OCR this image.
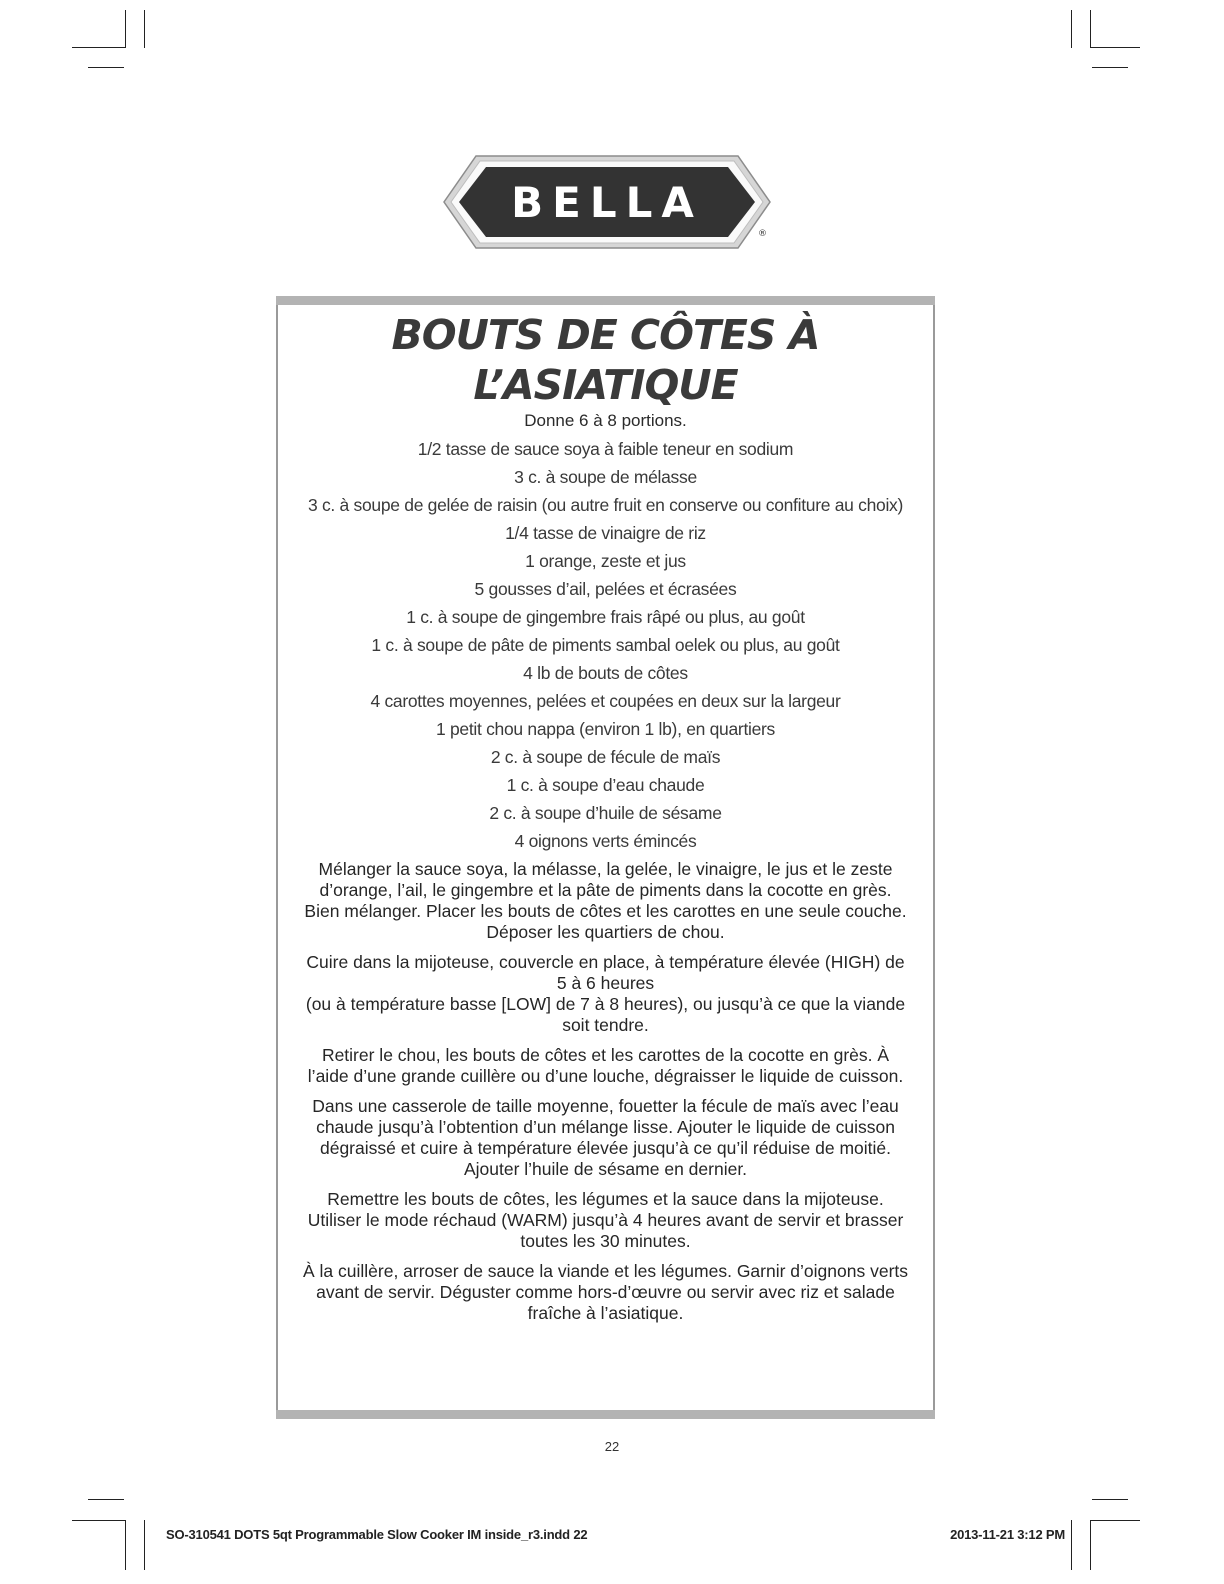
BELLA
®
BOUTS DE CÔTES À
L’ASIATIQUE
Donne 6 à 8 portions.
1/2 tasse de sauce soya à faible teneur en sodium
3 c. à soupe de mélasse
3 c. à soupe de gelée de raisin (ou autre fruit en conserve ou confiture au choix)
1/4 tasse de vinaigre de riz
1 orange, zeste et jus
5 gousses d’ail, pelées et écrasées
1 c. à soupe de gingembre frais râpé ou plus, au goût
1 c. à soupe de pâte de piments sambal oelek ou plus, au goût
4 lb de bouts de côtes
4 carottes moyennes, pelées et coupées en deux sur la largeur
1 petit chou nappa (environ 1 lb), en quartiers
2 c. à soupe de fécule de maïs
1 c. à soupe d’eau chaude
2 c. à soupe d’huile de sésame
4 oignons verts émincés

Mélanger la sauce soya, la mélasse, la gelée, le vinaigre, le jus et le zeste d’orange, l’ail, le gingembre et la pâte de piments dans la cocotte en grès. Bien mélanger. Placer les bouts de côtes et les carottes en une seule couche. Déposer les quartiers de chou.

Cuire dans la mijoteuse, couvercle en place, à température élevée (HIGH) de 5 à 6 heures
(ou à température basse [LOW] de 7 à 8 heures), ou jusqu’à ce que la viande soit tendre.

Retirer le chou, les bouts de côtes et les carottes de la cocotte en grès. À l’aide d’une grande cuillère ou d’une louche, dégraisser le liquide de cuisson.

Dans une casserole de taille moyenne, fouetter la fécule de maïs avec l’eau chaude jusqu’à l’obtention d’un mélange lisse. Ajouter le liquide de cuisson dégraissé et cuire à température élevée jusqu’à ce qu’il réduise de moitié. Ajouter l’huile de sésame en dernier.

Remettre les bouts de côtes, les légumes et la sauce dans la mijoteuse. Utiliser le mode réchaud (WARM) jusqu’à 4 heures avant de servir et brasser toutes les 30 minutes.

À la cuillère, arroser de sauce la viande et les légumes. Garnir d’oignons verts avant de servir. Déguster comme hors-d’œuvre ou servir avec riz et salade fraîche à l’asiatique.

22
SO-310541 DOTS 5qt Programmable Slow Cooker IM inside_r3.indd 22	2013-11-21 3:12 PM
